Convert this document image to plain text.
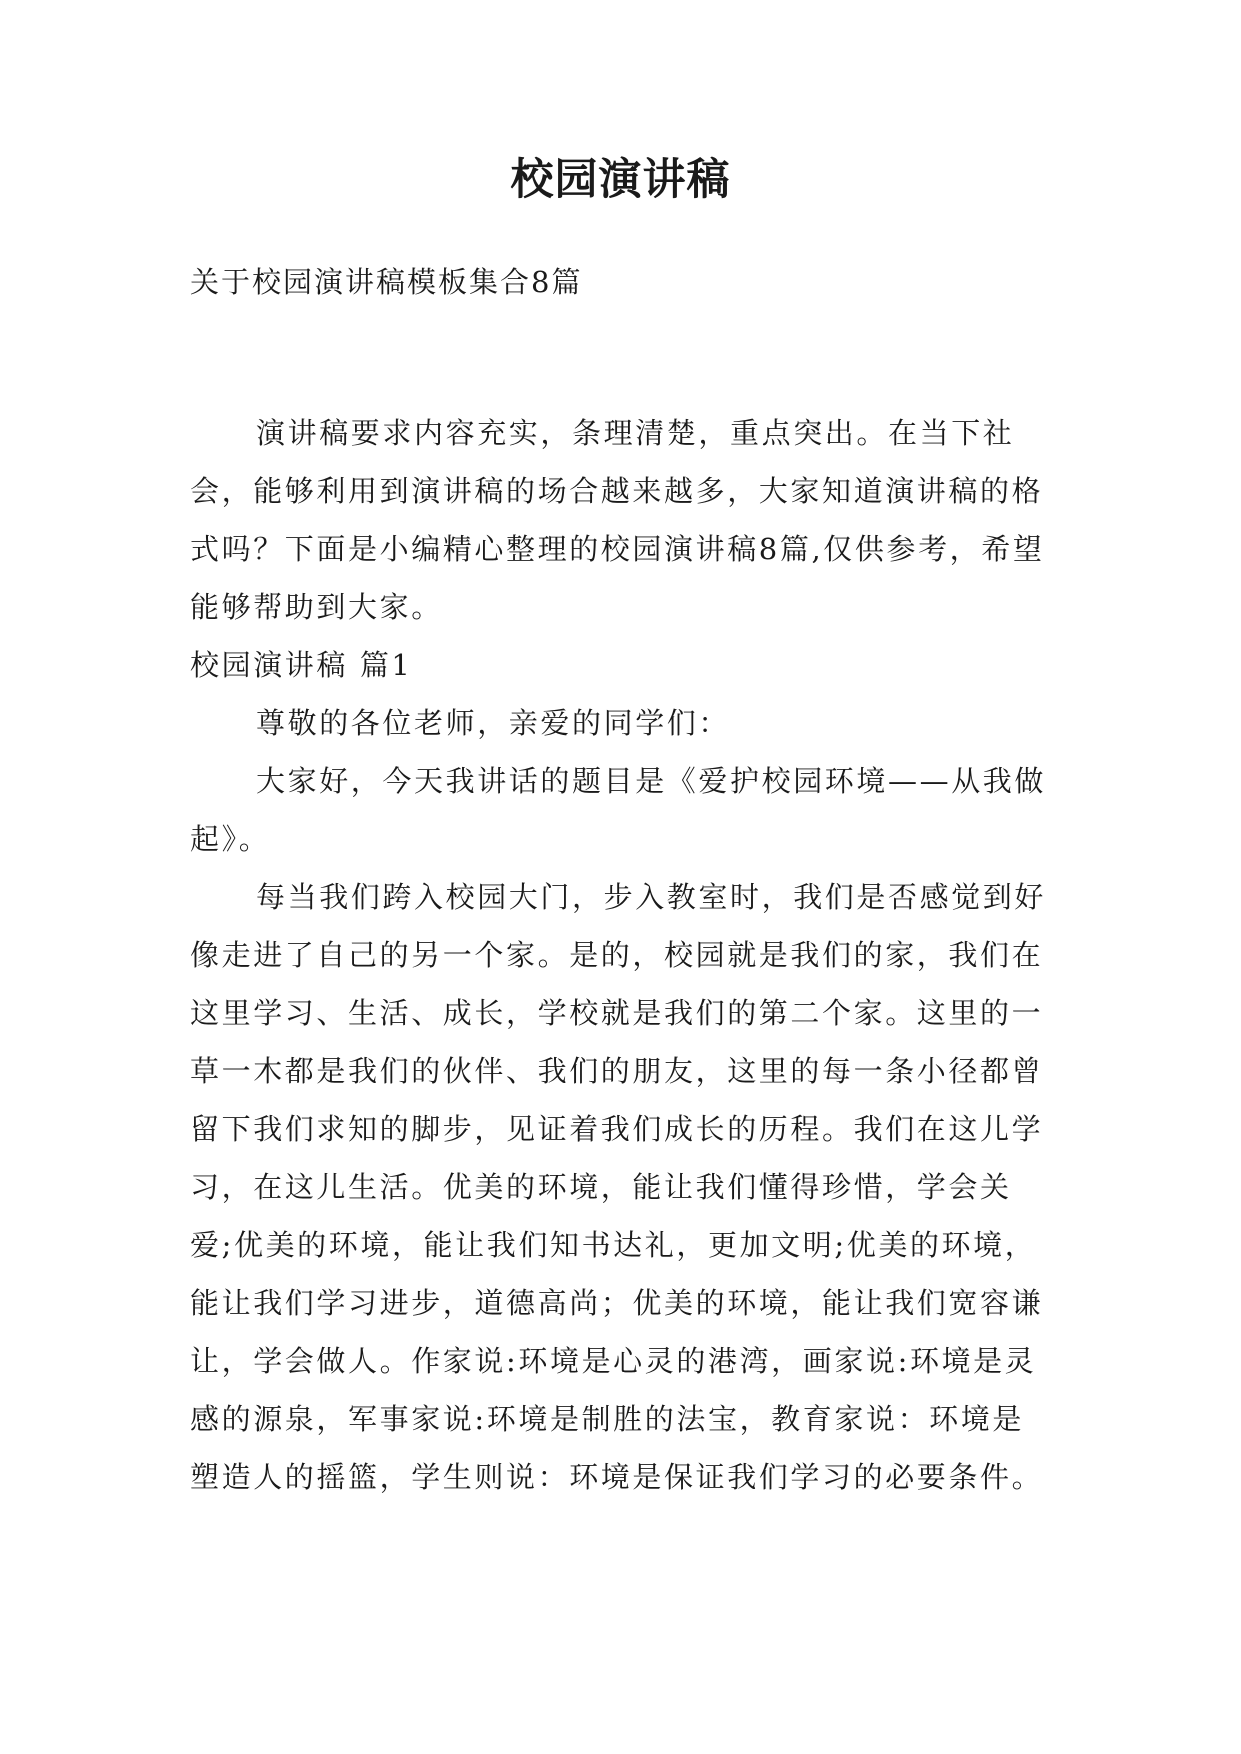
校园演讲稿
关于校园演讲稿模板集合8篇

演讲稿要求内容充实，条理清楚，重点突出。在当下社会，能够利用到演讲稿的场合越来越多，大家知道演讲稿的格式吗？下面是小编精心整理的校园演讲稿8篇,仅供参考，希望能够帮助到大家。

校园演讲稿 篇1

尊敬的各位老师，亲爱的同学们：

大家好，今天我讲话的题目是《爱护校园环境——从我做起》。

每当我们跨入校园大门，步入教室时，我们是否感觉到好像走进了自己的另一个家。是的，校园就是我们的家，我们在这里学习、生活、成长，学校就是我们的第二个家。这里的一草一木都是我们的伙伴、我们的朋友，这里的每一条小径都曾留下我们求知的脚步，见证着我们成长的历程。我们在这儿学习，在这儿生活。优美的环境，能让我们懂得珍惜，学会关爱;优美的环境，能让我们知书达礼，更加文明;优美的环境，能让我们学习进步，道德高尚；优美的环境，能让我们宽容谦让，学会做人。作家说:环境是心灵的港湾，画家说:环境是灵感的源泉，军事家说:环境是制胜的法宝，教育家说：环境是塑造人的摇篮，学生则说：环境是保证我们学习的必要条件。
